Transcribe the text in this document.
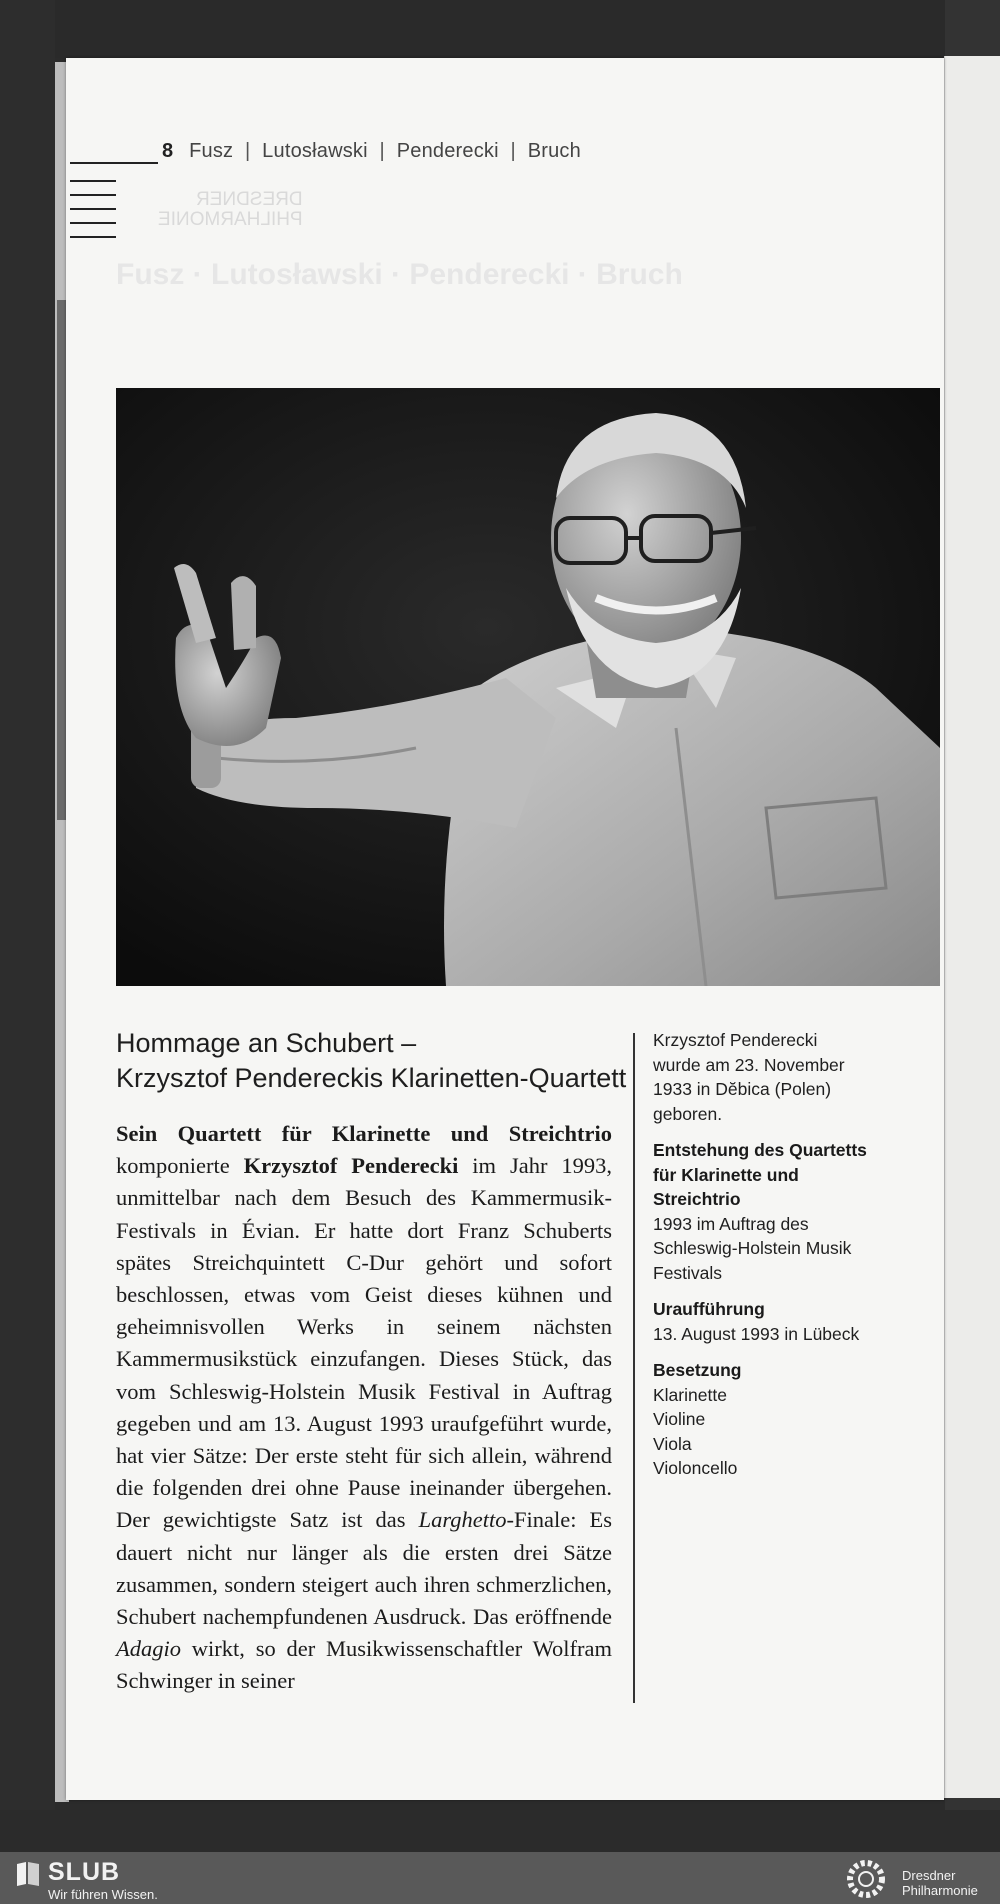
8 Fusz | Lutosławski | Penderecki | Bruch
DRESDNER
PHILHARMONIE
Fusz · Lutosławski · Penderecki · Bruch
Hommage an Schubert –
Krzysztof Pendereckis Klarinetten-Quartett
Sein Quartett für Klarinette und Streichtrio komponierte Krzysztof Penderecki im Jahr 1993, unmittelbar nach dem Besuch des Kammermusik-Festivals in Évian. Er hatte dort Franz Schuberts spätes Streichquintett C-Dur gehört und sofort beschlossen, etwas vom Geist dieses kühnen und geheimnisvollen Werks in seinem nächsten Kammermusikstück einzufangen. Dieses Stück, das vom Schleswig-Holstein Musik Festival in Auftrag gegeben und am 13. August 1993 uraufgeführt wurde, hat vier Sätze: Der erste steht für sich allein, während die folgenden drei ohne Pause ineinander übergehen. Der gewichtigste Satz ist das Larghetto-Finale: Es dauert nicht nur länger als die ersten drei Sätze zusammen, sondern steigert auch ihren schmerzlichen, Schubert nachempfundenen Ausdruck. Das eröffnende Adagio wirkt, so der Musikwissenschaftler Wolfram Schwinger in seiner
Krzysztof Penderecki
wurde am 23. November 1933 in Dĕbica (Polen) geboren.
Entstehung des Quartetts für Klarinette und Streichtrio
1993 im Auftrag des Schleswig-Holstein Musik Festivals
Uraufführung
13. August 1993 in Lübeck
Besetzung
Klarinette
Violine
Viola
Violoncello
SLUB
Wir führen Wissen.
Dresdner
Philharmonie
